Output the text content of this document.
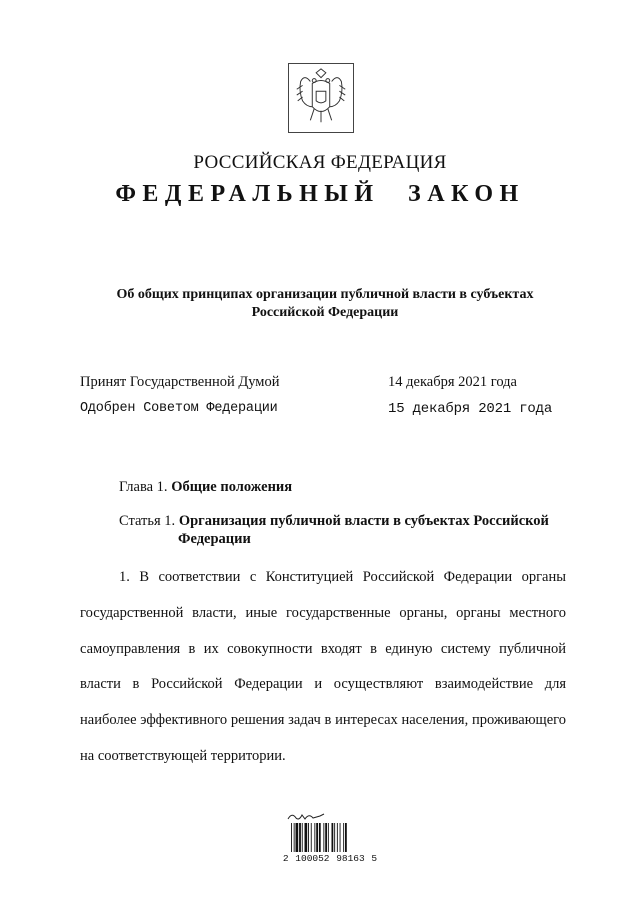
РОССИЙСКАЯ ФЕДЕРАЦИЯ
ФЕДЕРАЛЬНЫЙ ЗАКОН
Об общих принципах организации публичной власти в субъектах Российской Федерации
Принят Государственной Думой	14 декабря 2021 года
Одобрен Советом Федерации	15 декабря 2021 года
Глава 1. Общие положения
Статья 1. Организация публичной власти в субъектах Российской
Федерации

1. В соответствии с Конституцией Российской Федерации органы государственной власти, иные государственные органы, органы местного самоуправления в их совокупности входят в единую систему публичной власти в Российской Федерации и осуществляют взаимодействие для наиболее эффективного решения задач в интересах населения, проживающего на соответствующей территории.

2 100052 98163 5
